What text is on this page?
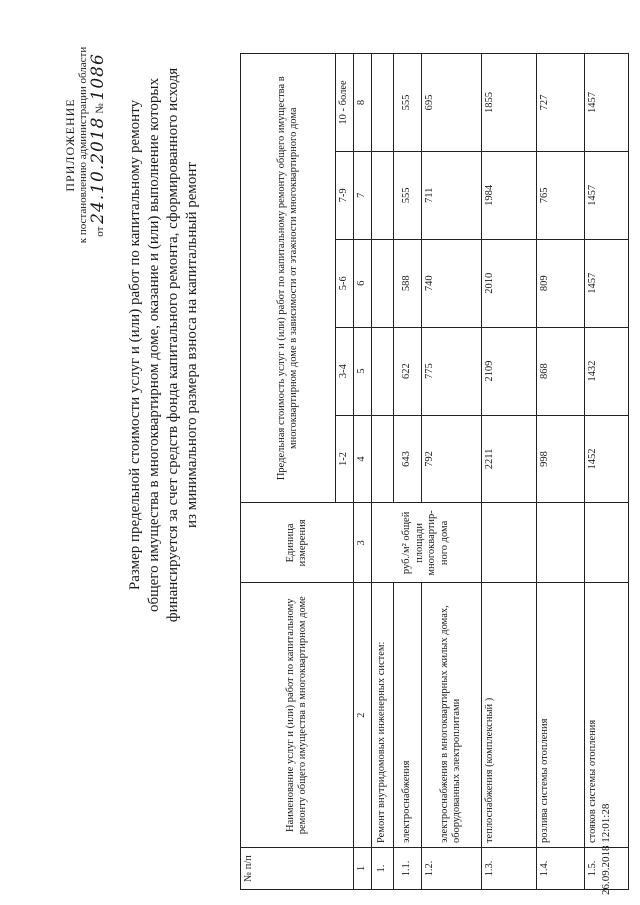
ПРИЛОЖЕНИЕ к постановлению администрации области от 24.10.2018 № 1086
Размер предельной стоимости услуг и (или) работ по капитальному ремонту общего имущества в многоквартирном доме, оказание и (или) выполнение которых финансируется за счет средств фонда капитального ремонта, сформированного исходя из минимального размера взноса на капитальный ремонт
№ п/п	Наименование услуг и (или) работ по капитальному ремонту общего имущества в многоквартирном доме	Единица измерения	Предельная стоимость услуг и (или) работ по капитальному ремонту общего имущества в многоквартирном доме в зависимости от этажности многоквартирного дома				
			1-2	3-4	5-6	7-9	10 - более
1	2	3	4	5	6	7	8
1.	Ремонт внутридомовых инженерных систем:	руб./м² общей площади многоквартир-ного дома					
1.1.	электроснабжения		643	622	588	555	555
1.2.	электроснабжения в многоквартирных жилых домах, оборудованных электроплитами		792	775	740	711	695
1.3.	теплоснабжения (комплексный )		2211	2109	2010	1984	1855
1.4.	розлива системы отопления		998	868	809	765	727
1.5.	стояков системы отопления		1452	1432	1457	1457	1457
26.09.2018 12:01:28
